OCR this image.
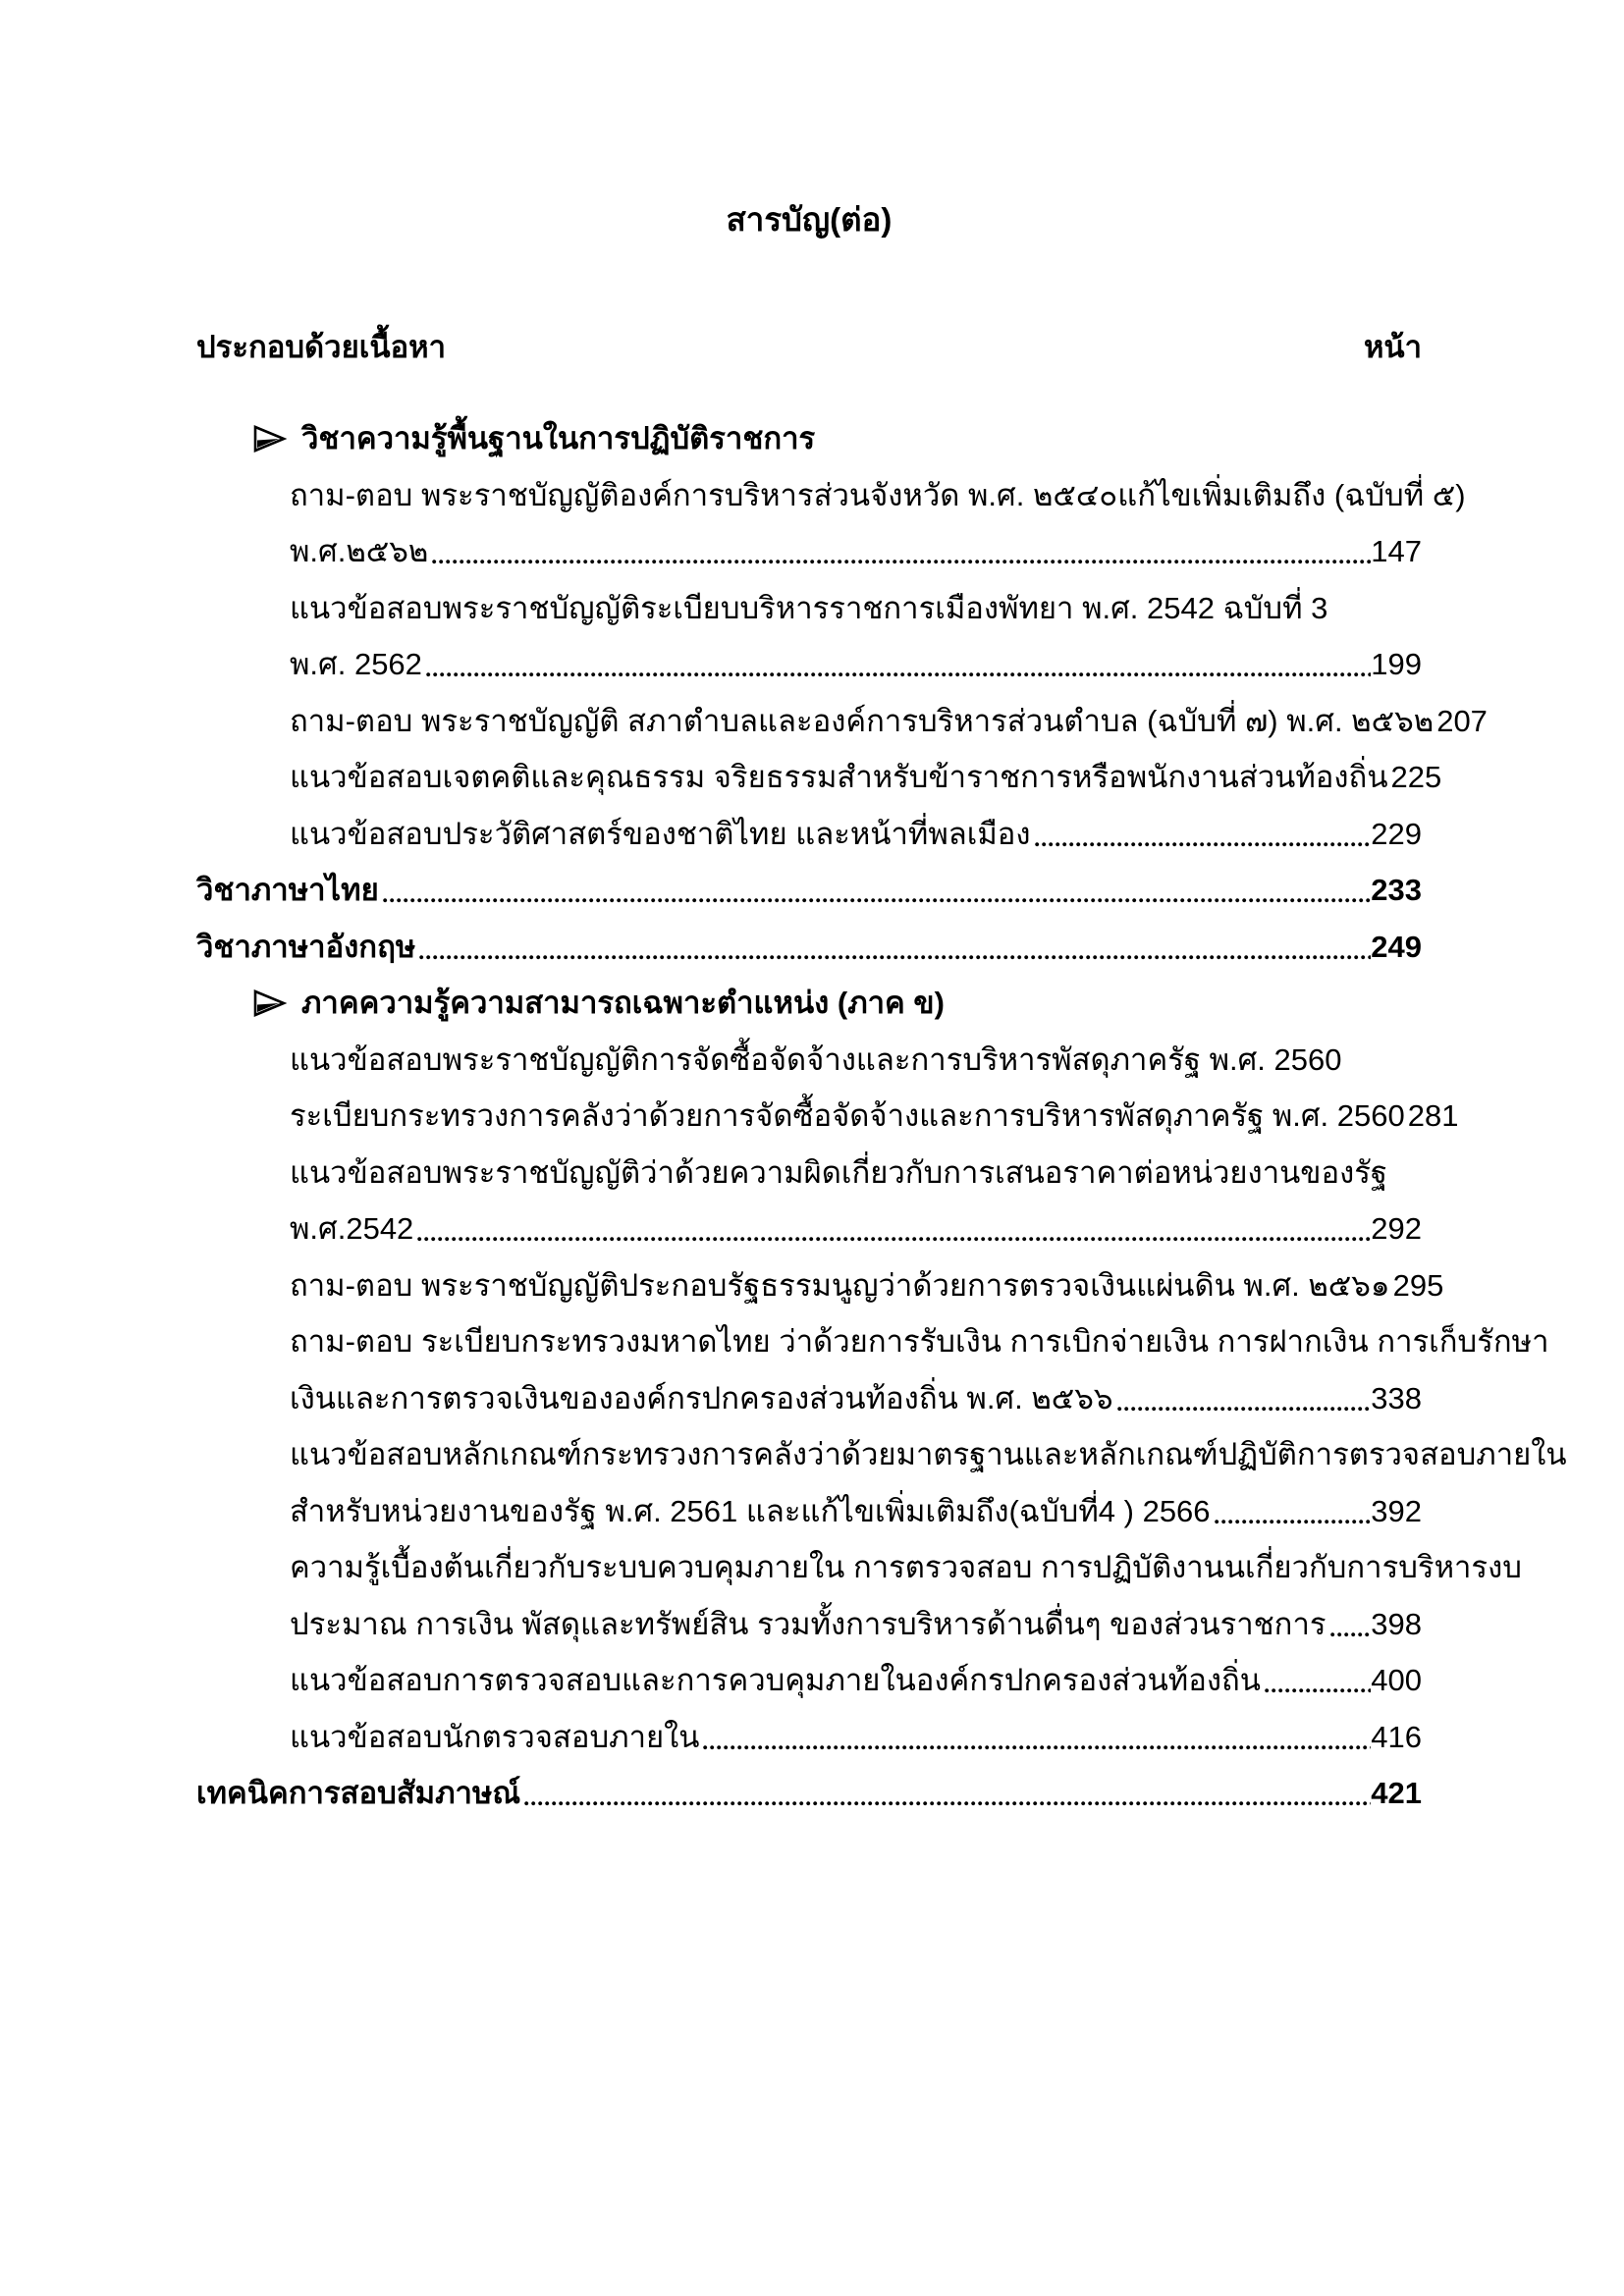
สารบัญ(ต่อ)
ประกอบด้วยเนื้อหา	หน้า
วิชาความรู้พื้นฐานในการปฏิบัติราชการ
ถาม-ตอบ พระราชบัญญัติองค์การบริหารส่วนจังหวัด พ.ศ. ๒๕๔๐แก้ไขเพิ่มเติมถึง (ฉบับที่ ๕)
พ.ศ.๒๕๖๒	147
แนวข้อสอบพระราชบัญญัติระเบียบบริหารราชการเมืองพัทยา พ.ศ. 2542 ฉบับที่ 3
พ.ศ. 2562	199
ถาม-ตอบ พระราชบัญญัติ สภาตำบลและองค์การบริหารส่วนตำบล (ฉบับที่ ๗) พ.ศ. ๒๕๖๒ 207
แนวข้อสอบเจตคติและคุณธรรม จริยธรรมสำหรับข้าราชการหรือพนักงานส่วนท้องถิ่น 225
แนวข้อสอบประวัติศาสตร์ของชาติไทย และหน้าที่พลเมือง	229
วิชาภาษาไทย	233
วิชาภาษาอังกฤษ	249
ภาคความรู้ความสามารถเฉพาะตำแหน่ง (ภาค ข)
แนวข้อสอบพระราชบัญญัติการจัดซื้อจัดจ้างและการบริหารพัสดุภาครัฐ พ.ศ. 2560
ระเบียบกระทรวงการคลังว่าด้วยการจัดซื้อจัดจ้างและการบริหารพัสดุภาครัฐ พ.ศ. 2560 281
แนวข้อสอบพระราชบัญญัติว่าด้วยความผิดเกี่ยวกับการเสนอราคาต่อหน่วยงานของรัฐ
พ.ศ.2542	292
ถาม-ตอบ พระราชบัญญัติประกอบรัฐธรรมนูญว่าด้วยการตรวจเงินแผ่นดิน พ.ศ. ๒๕๖๑ 295
ถาม-ตอบ ระเบียบกระทรวงมหาดไทย ว่าด้วยการรับเงิน การเบิกจ่ายเงิน การฝากเงิน การเก็บรักษา
เงินและการตรวจเงินขององค์กรปกครองส่วนท้องถิ่น พ.ศ. ๒๕๖๖	338
แนวข้อสอบหลักเกณฑ์กระทรวงการคลังว่าด้วยมาตรฐานและหลักเกณฑ์ปฏิบัติการตรวจสอบภายใน
สำหรับหน่วยงานของรัฐ พ.ศ. 2561 และแก้ไขเพิ่มเติมถึง(ฉบับที่4 ) 2566	392
ความรู้เบื้องต้นเกี่ยวกับระบบควบคุมภายใน การตรวจสอบ การปฏิบัติงานนเกี่ยวกับการบริหารงบ
ประมาณ การเงิน พัสดุและทรัพย์สิน รวมทั้งการบริหารด้านดื่นๆ ของส่วนราชการ 398
แนวข้อสอบการตรวจสอบและการควบคุมภายในองค์กรปกครองส่วนท้องถิ่น	400
แนวข้อสอบนักตรวจสอบภายใน	416
เทคนิคการสอบสัมภาษณ์	421
